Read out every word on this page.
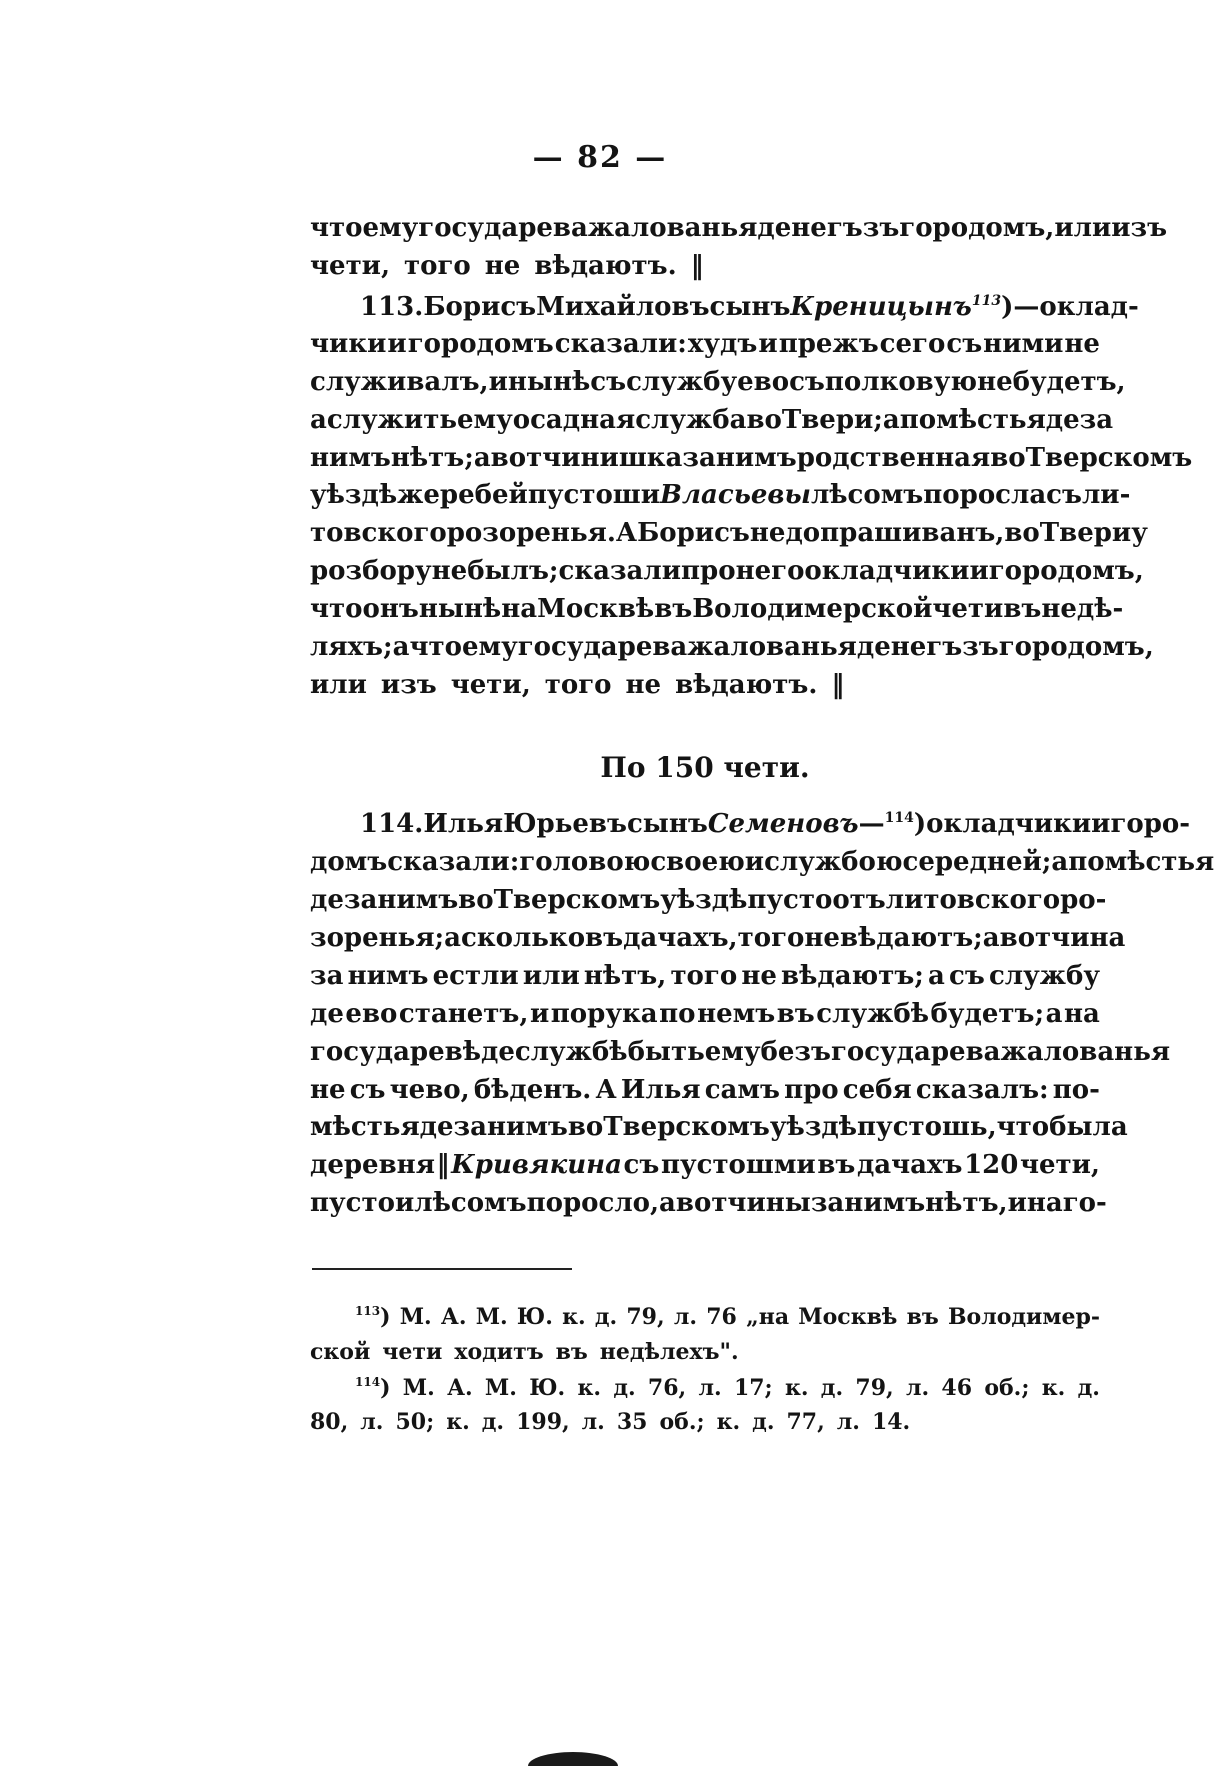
— 82 —
что ему государева жалованья денегъ зъ городомъ, или изъ
чети, того не вѣдаютъ. ‖
113. Борисъ Михайловъ сынъ Креницынъ$^{113}$ )—оклад-
чики и городомъ сказали: худъ и прежъ сего съ ними не
служивалъ, и нынѣ съ службу ево съ полковую не будетъ,
а служить ему осадная служба во Твери; а помѣстья де за
нимъ нѣтъ; а вотчинишка за нимъ родственная во Тверскомъ
уѣздѣ жеребей пустоши Власьевы лѣсомъ поросла съ ли-
товского розоренья. А Борисъ не допрашиванъ, во Твери у
розбору не былъ; сказали про него окладчики и городомъ,
что онъ нынѣ на Москвѣ въ Володимерской чети въ недѣ-
ляхъ; а что ему государева жалованья денегъ зъ городомъ,
или изъ чети, того не вѣдаютъ. ‖
114. Илья Юрьевъ сынъ Семеновъ —$^{114}$) окладчики и горо-
домъ сказали: головою своею и службою середней; а помѣстья
де за нимъ во Тверскомъ уѣздѣ пусто отъ литовского ро-
зоренья; а сколько въ дачахъ, того не вѣдаютъ; а вотчина
за нимъ естли или нѣтъ, того не вѣдаютъ; а съ службу
де ево станетъ, и порука по немъ въ службѣ будетъ; а на
государевѣ де службѣ быть ему безъ государева жалованья
не съ чево, бѣденъ. А Илья самъ про себя сказалъ: по-
мѣстья де за нимъ во Тверскомъ уѣздѣ пустошь, что была
деревня ‖ Кривякина съ пустошми въ дачахъ 120 чети,
пусто и лѣсомъ поросло, а вотчины за нимъ нѣтъ, и на го-
По 150 чети.
$^{113}$) М. А. М. Ю. к. д. 79, л. 76 „на Москвѣ въ Володимер-
ской чети ходитъ въ недѣлехъ".
$^{114}$) М. А. М. Ю. к. д. 76, л. 17; к. д. 79, л. 46 об.; к. д.
80, л. 50; к. д. 199, л. 35 об.; к. д. 77, л. 14.
